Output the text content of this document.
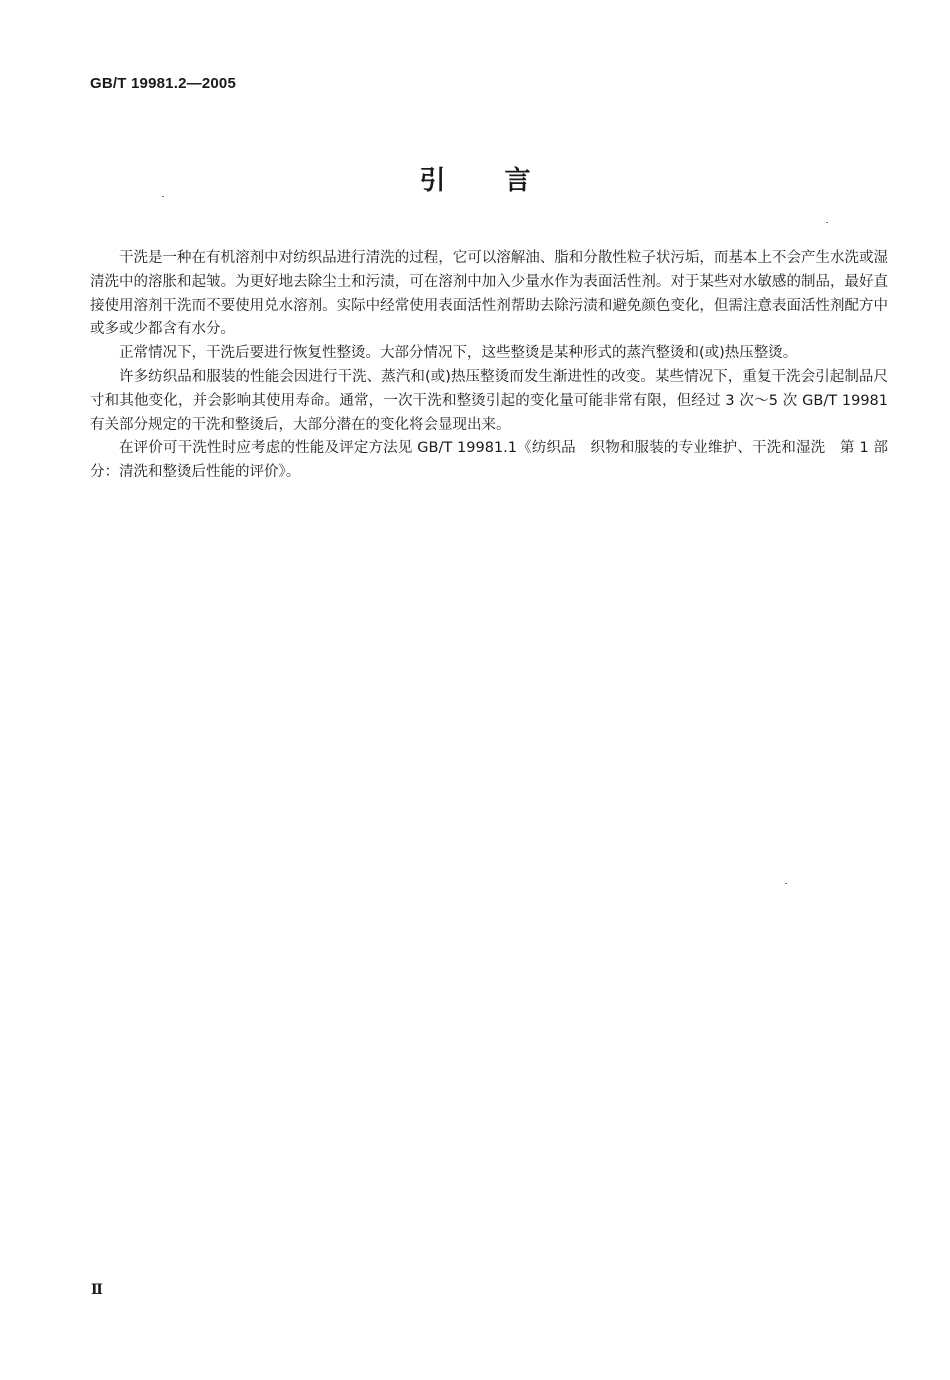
GB/T 19981.2—2005
引 言

干洗是一种在有机溶剂中对纺织品进行清洗的过程，它可以溶解油、脂和分散性粒子状污垢，而基本上不会产生水洗或湿清洗中的溶胀和起皱。为更好地去除尘土和污渍，可在溶剂中加入少量水作为表面活性剂。对于某些对水敏感的制品，最好直接使用溶剂干洗而不要使用兑水溶剂。实际中经常使用表面活性剂帮助去除污渍和避免颜色变化，但需注意表面活性剂配方中或多或少都含有水分。

正常情况下，干洗后要进行恢复性整烫。大部分情况下，这些整烫是某种形式的蒸汽整烫和(或)热压整烫。

许多纺织品和服装的性能会因进行干洗、蒸汽和(或)热压整烫而发生渐进性的改变。某些情况下，重复干洗会引起制品尺寸和其他变化，并会影响其使用寿命。通常，一次干洗和整烫引起的变化量可能非常有限，但经过 3 次～5 次 GB/T 19981 有关部分规定的干洗和整烫后，大部分潜在的变化将会显现出来。

在评价可干洗性时应考虑的性能及评定方法见 GB/T 19981.1《纺织品　织物和服装的专业维护、干洗和湿洗　第 1 部分：清洗和整烫后性能的评价》。

Ⅱ
